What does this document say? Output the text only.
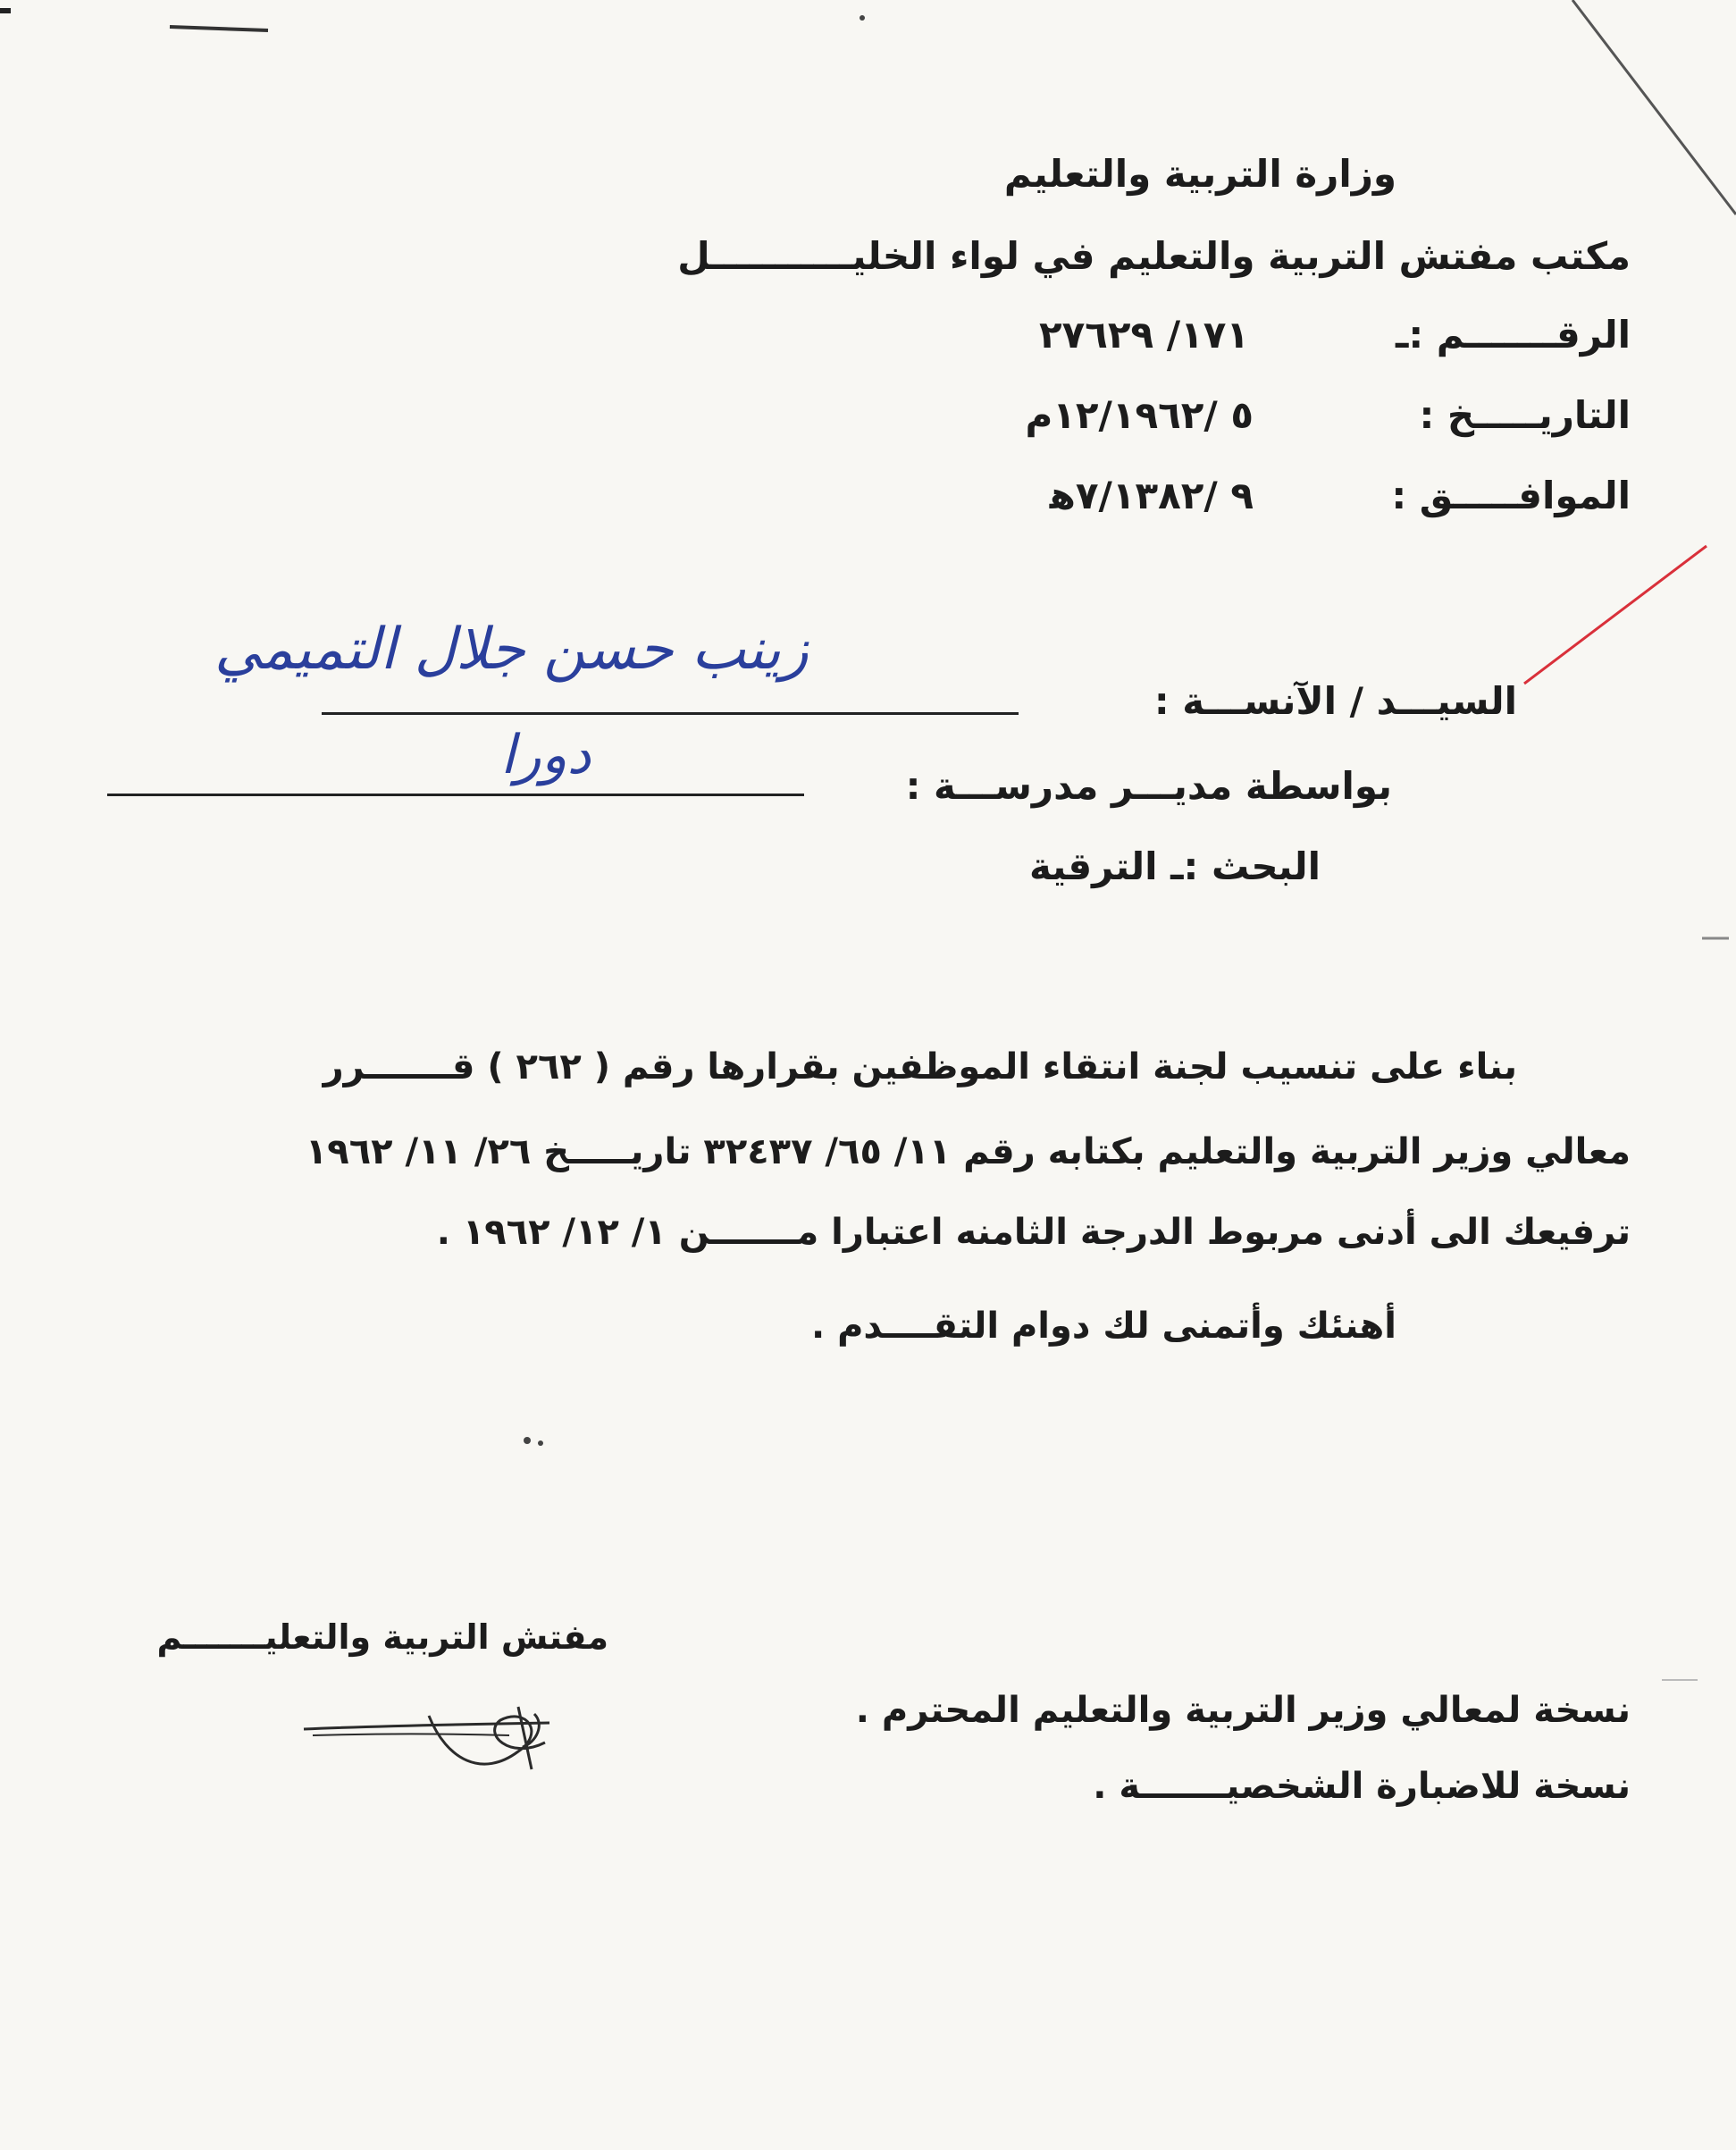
وزارة التربية والتعليم
مكتب مفتش التربية والتعليم في لواء الخليـــــــــــل
الرقـــــــم :ـ
١٧١/ ٢٧٦٢٩
التاريـــــخ :
٥ /١٢/١٩٦٢م
الموافـــــق :
٩ /٧/١٣٨٢ﻫ
السيـــد / الآنســـة :
زينب حسن جلال التميمي
بواسطة مديـــر مدرســـة :
دورا
البحث :ـ الترقية
بناء على تنسيب لجنة انتقاء الموظفين بقرارها رقم ( ٢٦٢ ) قـــــــرر
معالي وزير التربية والتعليم بكتابه رقم ١١/ ٦٥/ ٣٢٤٣٧ تاريـــــخ ٢٦/ ١١/ ١٩٦٢
ترفيعك الى أدنى مربوط الدرجة الثامنه اعتبارا مـــــــن ١/ ١٢/ ١٩٦٢ .
أهنئك وأتمنى لك دوام التقــــدم .
مفتش التربية والتعليـــــــم
نسخة لمعالي وزير التربية والتعليم المحترم .
نسخة للاضبارة الشخصيـــــــة .
